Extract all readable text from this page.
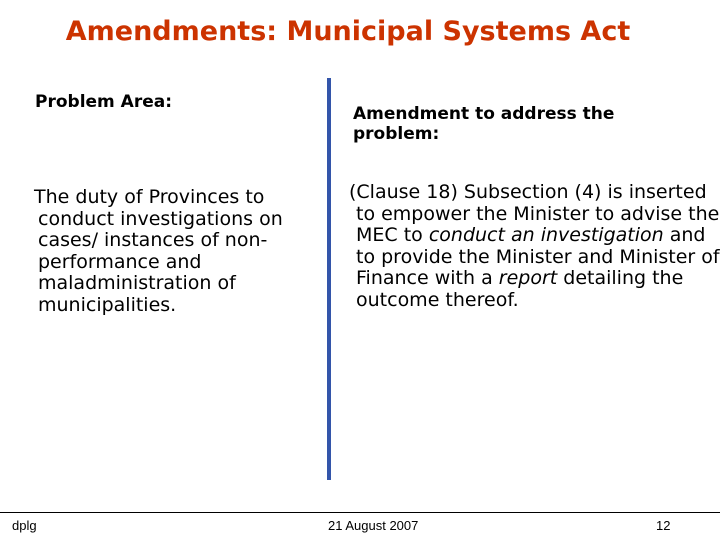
Amendments: Municipal Systems Act
Problem Area:
Amendment to address the problem:
The duty of Provinces to conduct investigations on cases/ instances of non-performance and maladministration of municipalities.
(Clause 18) Subsection (4) is inserted to empower the Minister to advise the MEC to conduct an investigation and to provide the Minister and Minister of Finance with a report detailing the outcome thereof.
dplg	21 August 2007	12
